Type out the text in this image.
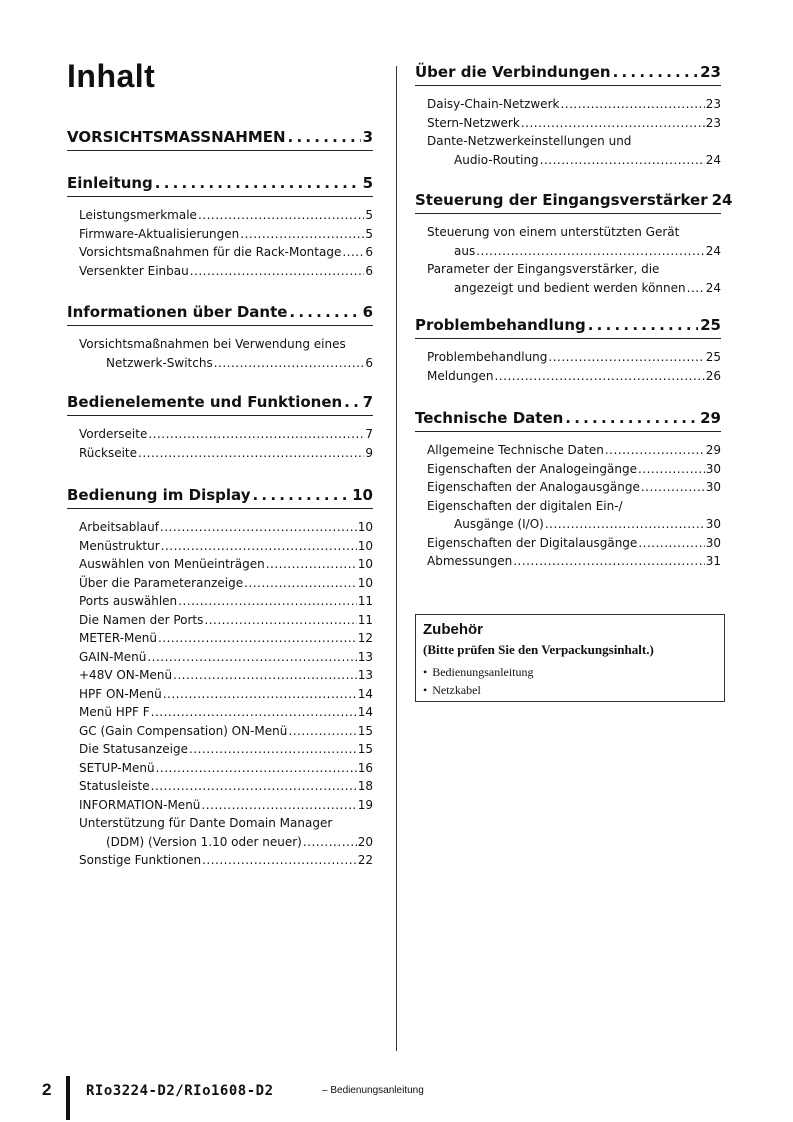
Inhalt
VORSICHTSMASSNAHMEN . . .	3
Einleitung . . .	5
Leistungsmerkmale .....	5
Firmware-Aktualisierungen .....	5
Vorsichtsmaßnahmen für die Rack-Montage ..... 6
Versenkter Einbau .....	6
Informationen über Dante . . .	6
Vorsichtsmaßnahmen bei Verwendung eines
Netzwerk-Switchs .....	6
Bedienelemente und Funktionen . . . 7
Vorderseite .....	7
Rückseite .....	9
Bedienung im Display . . .	10
Arbeitsablauf .....	10
Menüstruktur .....	10
Auswählen von Menüeinträgen .....	10
Über die Parameteranzeige .....	10
Ports auswählen .....	11
Die Namen der Ports .....	11
METER-Menü .....	12
GAIN-Menü .....	13
+48V ON-Menü .....	13
HPF ON-Menü .....	14
Menü HPF F .....	14
GC (Gain Compensation) ON-Menü .....	15
Die Statusanzeige .....	15
SETUP-Menü .....	16
Statusleiste .....	18
INFORMATION-Menü .....	19
Unterstützung für Dante Domain Manager
(DDM) (Version 1.10 oder neuer) .....	20
Sonstige Funktionen .....	22
Über die Verbindungen . . .	23
Daisy-Chain-Netzwerk .....	23
Stern-Netzwerk .....	23
Dante-Netzwerkeinstellungen und
Audio-Routing .....	24
Steuerung der Eingangsverstärker 24
Steuerung von einem unterstützten Gerät
aus .....	24
Parameter der Eingangsverstärker, die
angezeigt und bedient werden können ..... 24
Problembehandlung . . .	25
Problembehandlung .....	25
Meldungen .....	26
Technische Daten . . .	29
Allgemeine Technische Daten .....	29
Eigenschaften der Analogeingänge .....	30
Eigenschaften der Analogausgänge .....	30
Eigenschaften der digitalen Ein-/
Ausgänge (I/O) .....	30
Eigenschaften der Digitalausgänge .....	30
Abmessungen .....	31

Zubehör

(Bitte prüfen Sie den Verpackungsinhalt.)

• Bedienungsanleitung
• Netzkabel
2 RIo3224-D2/RIo1608-D2	– Bedienungsanleitung
